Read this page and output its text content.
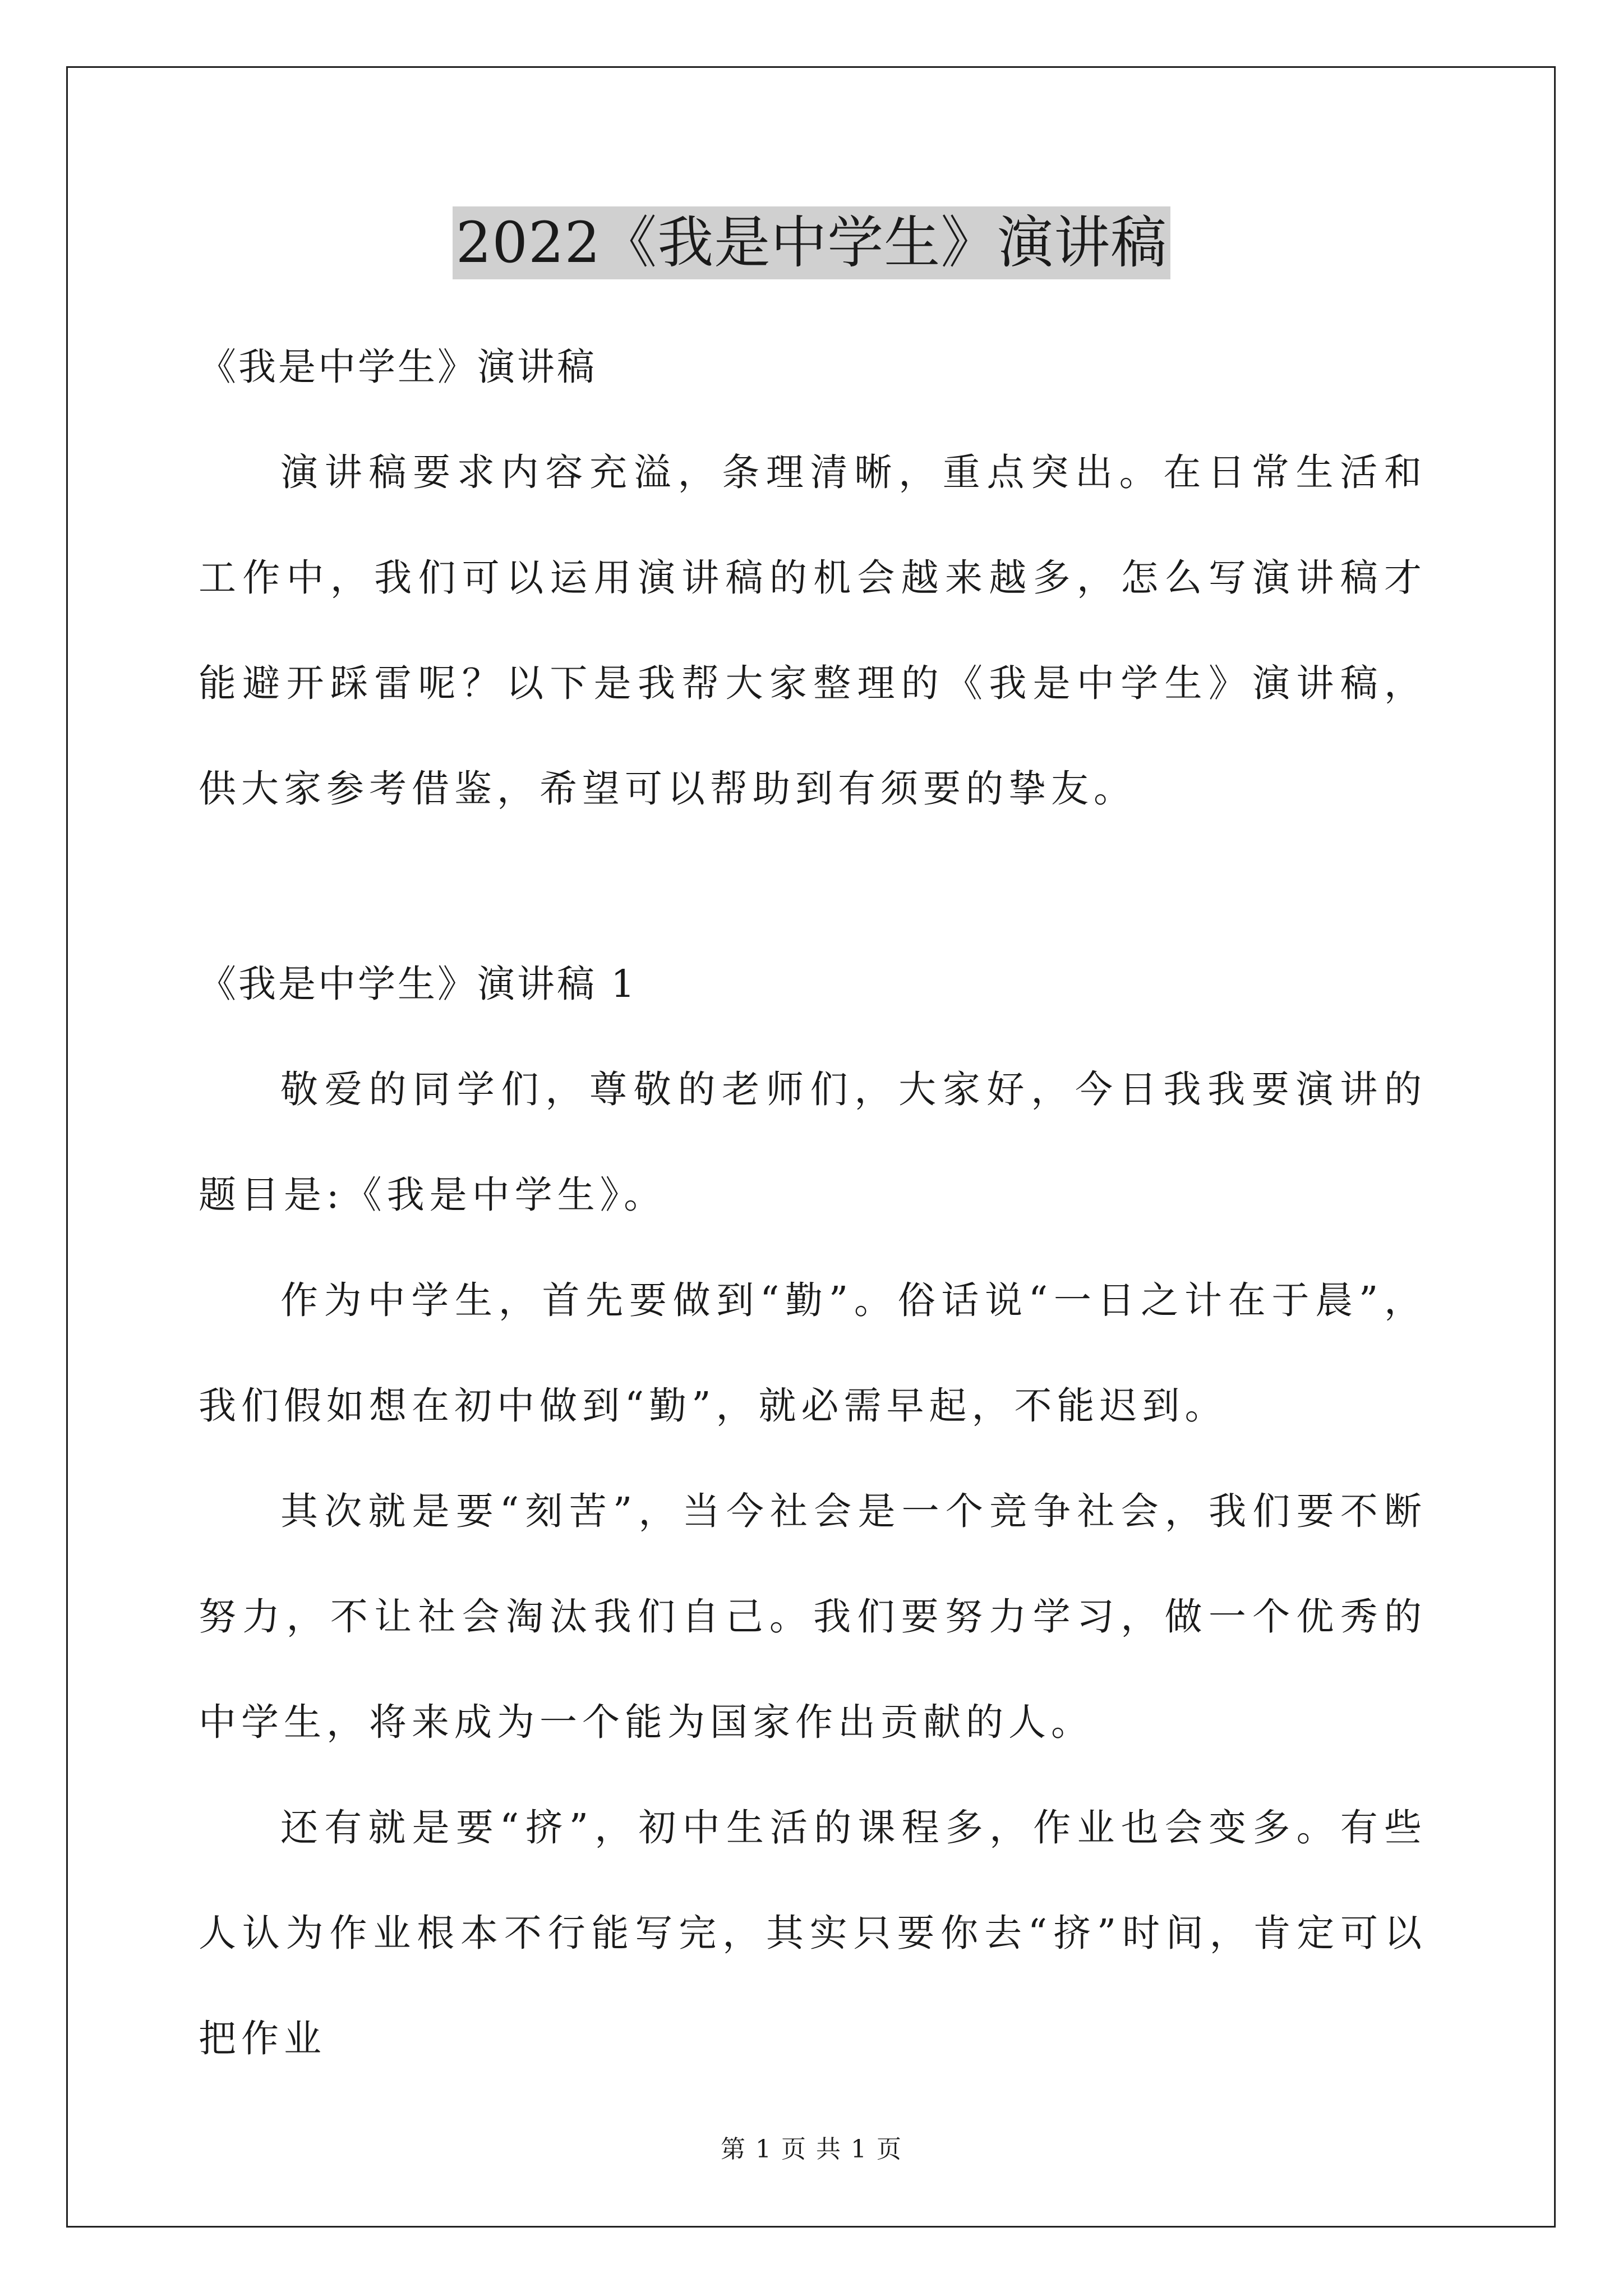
2022《我是中学生》演讲稿

《我是中学生》演讲稿

演讲稿要求内容充溢，条理清晰，重点突出。在日常生活和工作中，我们可以运用演讲稿的机会越来越多，怎么写演讲稿才能避开踩雷呢？以下是我帮大家整理的《我是中学生》演讲稿，供大家参考借鉴，希望可以帮助到有须要的挚友。

《我是中学生》演讲稿 1

敬爱的同学们，尊敬的老师们，大家好，今日我我要演讲的题目是:《我是中学生》。

作为中学生，首先要做到“勤”。俗话说“一日之计在于晨”，我们假如想在初中做到“勤”，就必需早起，不能迟到。

其次就是要“刻苦”，当今社会是一个竞争社会，我们要不断努力，不让社会淘汰我们自己。我们要努力学习，做一个优秀的中学生，将来成为一个能为国家作出贡献的人。

还有就是要“挤”，初中生活的课程多，作业也会变多。有些人认为作业根本不行能写完，其实只要你去“挤”时间，肯定可以把作业

第 1 页 共 1 页
